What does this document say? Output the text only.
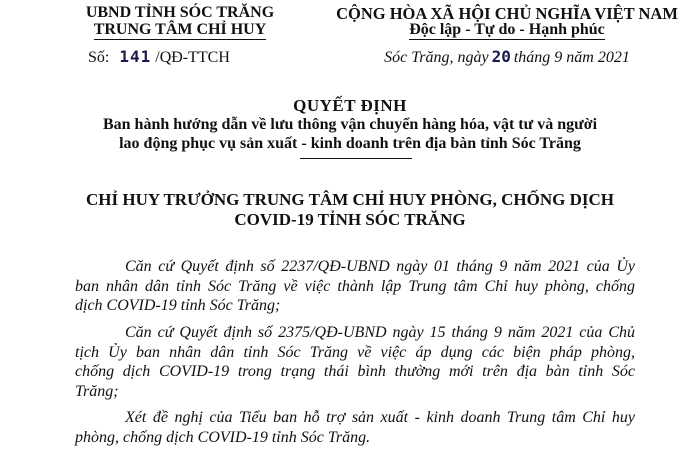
UBND TỈNH SÓC TRĂNG
TRUNG TÂM CHỈ HUY
Số: 141 /QĐ-TTCH
CỘNG HÒA XÃ HỘI CHỦ NGHĨA VIỆT NAM
Độc lập - Tự do - Hạnh phúc
Sóc Trăng, ngày 20 tháng 9 năm 2021
QUYẾT ĐỊNH
Ban hành hướng dẫn về lưu thông vận chuyển hàng hóa, vật tư và người
lao động phục vụ sản xuất - kinh doanh trên địa bàn tỉnh Sóc Trăng
CHỈ HUY TRƯỞNG TRUNG TÂM CHỈ HUY PHÒNG, CHỐNG DỊCH
COVID-19 TỈNH SÓC TRĂNG
Căn cứ Quyết định số 2237/QĐ-UBND ngày 01 tháng 9 năm 2021 của Ủy
ban nhân dân tỉnh Sóc Trăng về việc thành lập Trung tâm Chỉ huy phòng, chống
dịch COVID-19 tỉnh Sóc Trăng;
Căn cứ Quyết định số 2375/QĐ-UBND ngày 15 tháng 9 năm 2021 của Chủ
tịch Ủy ban nhân dân tỉnh Sóc Trăng về việc áp dụng các biện pháp phòng,
chống dịch COVID-19 trong trạng thái bình thường mới trên địa bàn tỉnh Sóc
Trăng;
Xét đề nghị của Tiểu ban hỗ trợ sản xuất - kinh doanh Trung tâm Chỉ huy
phòng, chống dịch COVID-19 tỉnh Sóc Trăng.
